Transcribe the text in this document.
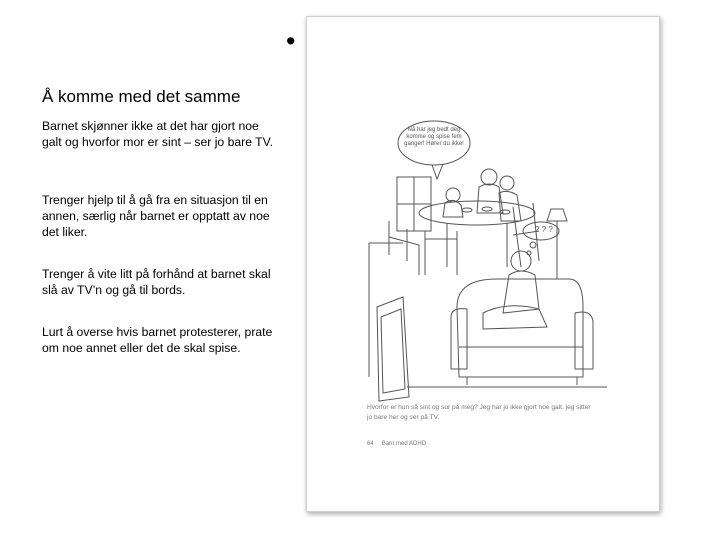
•
Å komme med det samme
Barnet skjønner ikke at det har gjort noe galt og hvorfor mor er sint – ser jo bare TV.
Trenger hjelp til å gå fra en situasjon til en annen, særlig når barnet er opptatt av noe det liker.
Trenger å vite litt på forhånd at barnet skal slå av TV’n og gå til bords.
Lurt å overse hvis barnet protesterer, prate om noe annet eller det de skal spise.
Nå har jeg bedt deg komme og spise fem ganger! Hører du ikke!
? ? ?
Hvorfor er hun så sint og sur på meg? Jeg har jo ikke gjort noe galt, jeg sitter jo bare her og ser på TV.
64 Barn med ADHD
